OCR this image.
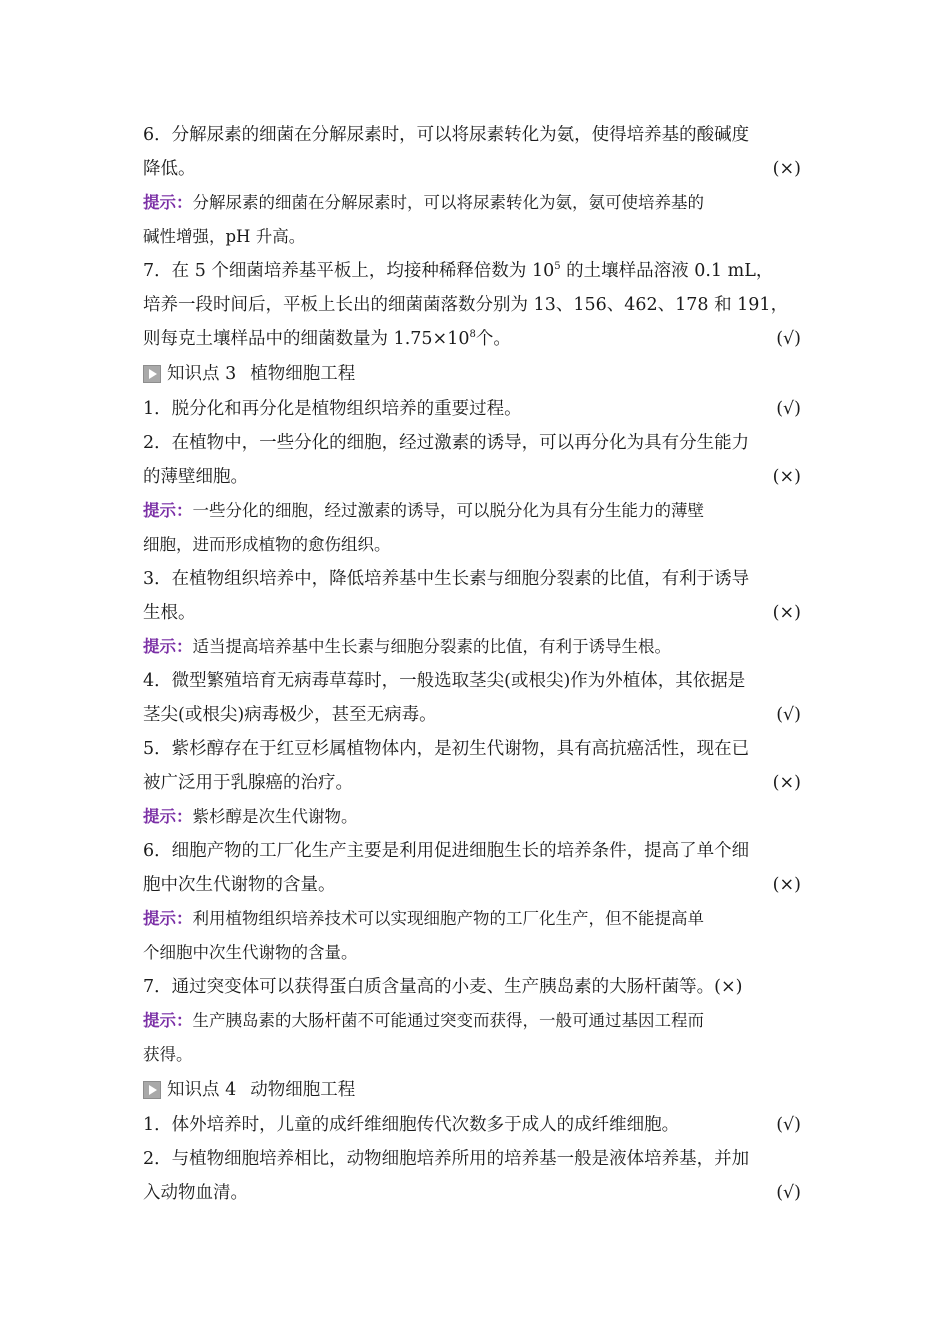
6．分解尿素的细菌在分解尿素时，可以将尿素转化为氨，使得培养基的酸碱度
降低。	(×)
提示：分解尿素的细菌在分解尿素时，可以将尿素转化为氨，氨可使培养基的
碱性增强，pH 升高。
7．在 5 个细菌培养基平板上，均接种稀释倍数为 $10^5$ 的土壤样品溶液 0.1 mL，
培养一段时间后，平板上长出的细菌菌落数分别为 13、156、462、178 和 191，
则每克土壤样品中的细菌数量为 $1.75\times 10^8$个。	(√)
知识点 3 植物细胞工程
1．脱分化和再分化是植物组织培养的重要过程。	(√)
2．在植物中，一些分化的细胞，经过激素的诱导，可以再分化为具有分生能力
的薄壁细胞。	(×)
提示：一些分化的细胞，经过激素的诱导，可以脱分化为具有分生能力的薄壁
细胞，进而形成植物的愈伤组织。
3．在植物组织培养中，降低培养基中生长素与细胞分裂素的比值，有利于诱导
生根。	(×)
提示：适当提高培养基中生长素与细胞分裂素的比值，有利于诱导生根。
4．微型繁殖培育无病毒草莓时，一般选取茎尖(或根尖)作为外植体，其依据是
茎尖(或根尖)病毒极少，甚至无病毒。	(√)
5．紫杉醇存在于红豆杉属植物体内，是初生代谢物，具有高抗癌活性，现在已
被广泛用于乳腺癌的治疗。	(×)
提示：紫杉醇是次生代谢物。
6．细胞产物的工厂化生产主要是利用促进细胞生长的培养条件，提高了单个细
胞中次生代谢物的含量。	(×)
提示：利用植物组织培养技术可以实现细胞产物的工厂化生产，但不能提高单
个细胞中次生代谢物的含量。
7．通过突变体可以获得蛋白质含量高的小麦、生产胰岛素的大肠杆菌等。(×)
提示：生产胰岛素的大肠杆菌不可能通过突变而获得，一般可通过基因工程而
获得。
知识点 4 动物细胞工程
1．体外培养时，儿童的成纤维细胞传代次数多于成人的成纤维细胞。	(√)
2．与植物细胞培养相比，动物细胞培养所用的培养基一般是液体培养基，并加
入动物血清。	(√)
